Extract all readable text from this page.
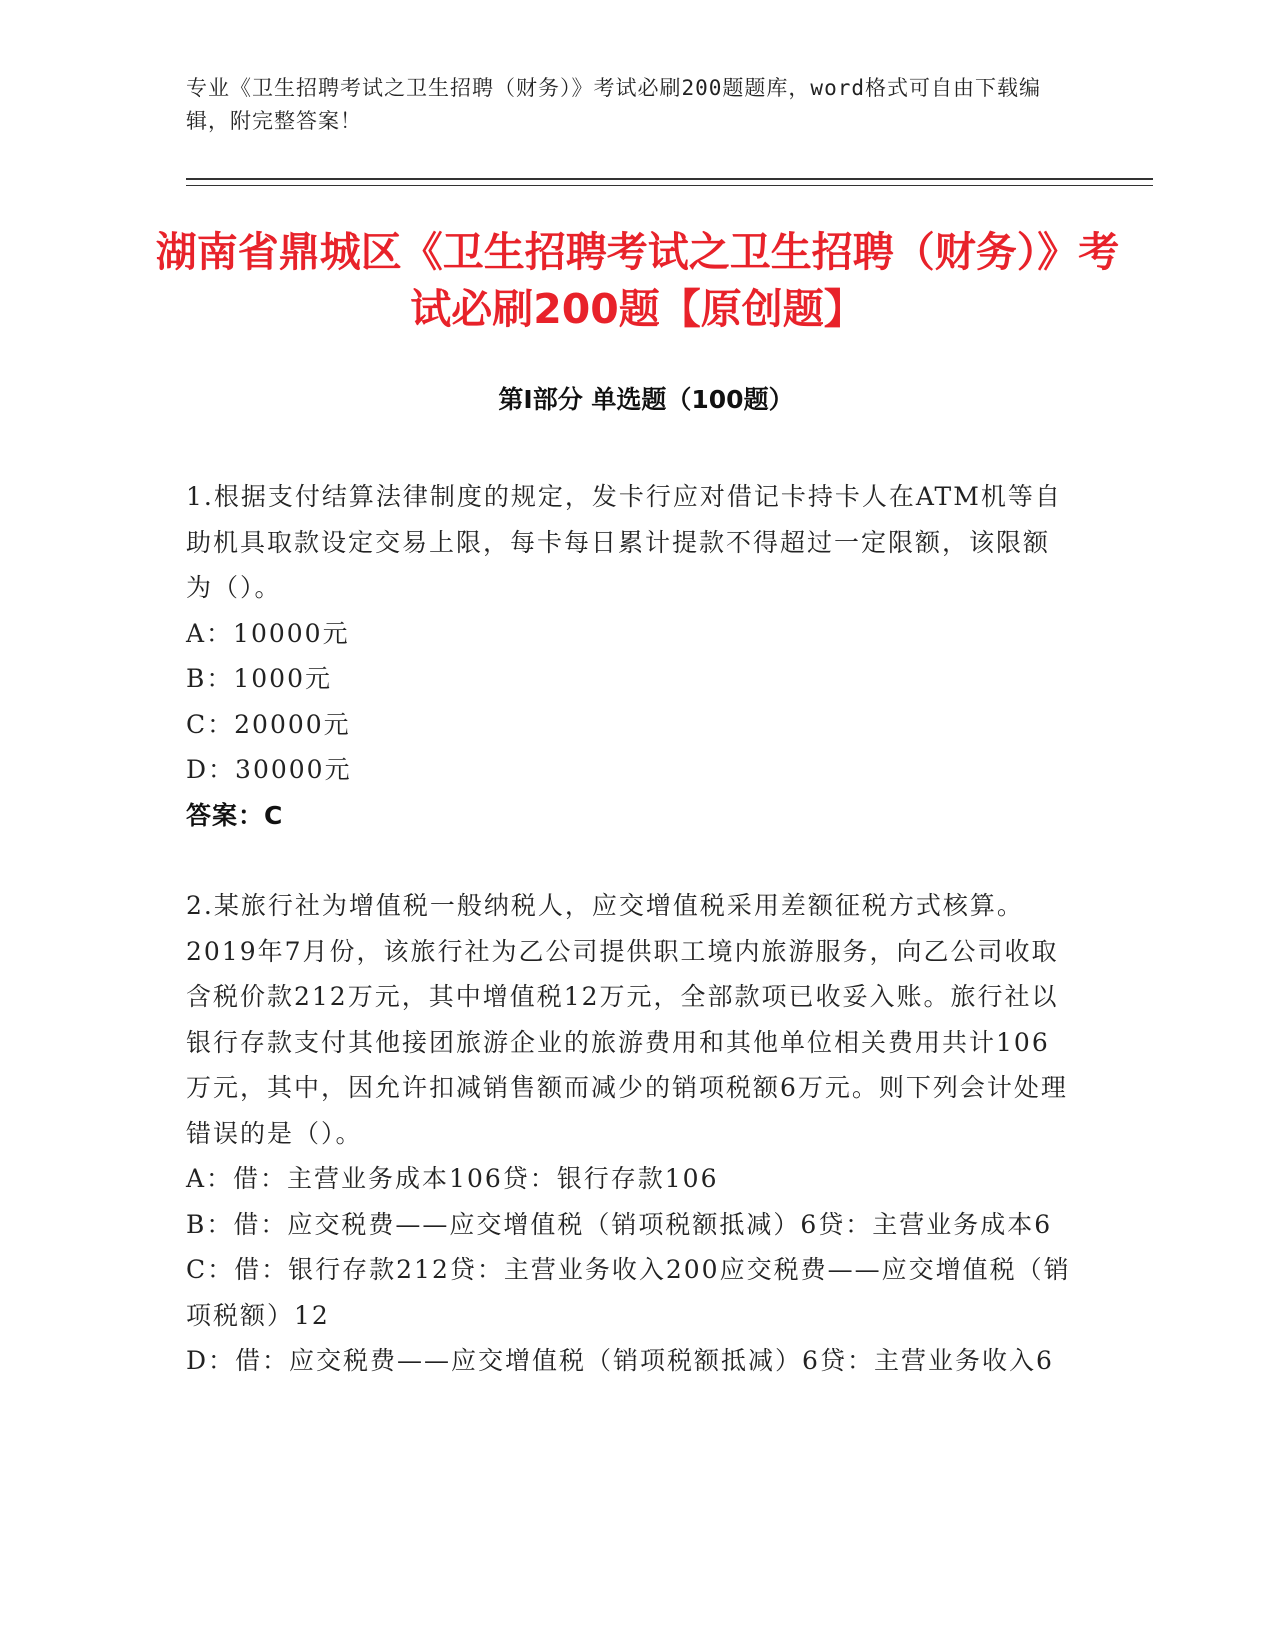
专业《卫生招聘考试之卫生招聘（财务）》考试必刷200题题库，word格式可自由下载编辑，附完整答案！
湖南省鼎城区《卫生招聘考试之卫生招聘（财务）》考试必刷200题【原创题】
第Ⅰ部分 单选题（100题）

1.根据支付结算法律制度的规定，发卡行应对借记卡持卡人在ATM机等自助机具取款设定交易上限，每卡每日累计提款不得超过一定限额，该限额为（）。

A：10000元

B：1000元

C：20000元

D：30000元

答案：C

2.某旅行社为增值税一般纳税人，应交增值税采用差额征税方式核算。2019年7月份，该旅行社为乙公司提供职工境内旅游服务，向乙公司收取含税价款212万元，其中增值税12万元，全部款项已收妥入账。旅行社以银行存款支付其他接团旅游企业的旅游费用和其他单位相关费用共计106万元，其中，因允许扣减销售额而减少的销项税额6万元。则下列会计处理错误的是（）。

A：借：主营业务成本106贷：银行存款106

B：借：应交税费——应交增值税（销项税额抵减）6贷：主营业务成本6

C：借：银行存款212贷：主营业务收入200应交税费——应交增值税（销项税额）12

D：借：应交税费——应交增值税（销项税额抵减）6贷：主营业务收入6
